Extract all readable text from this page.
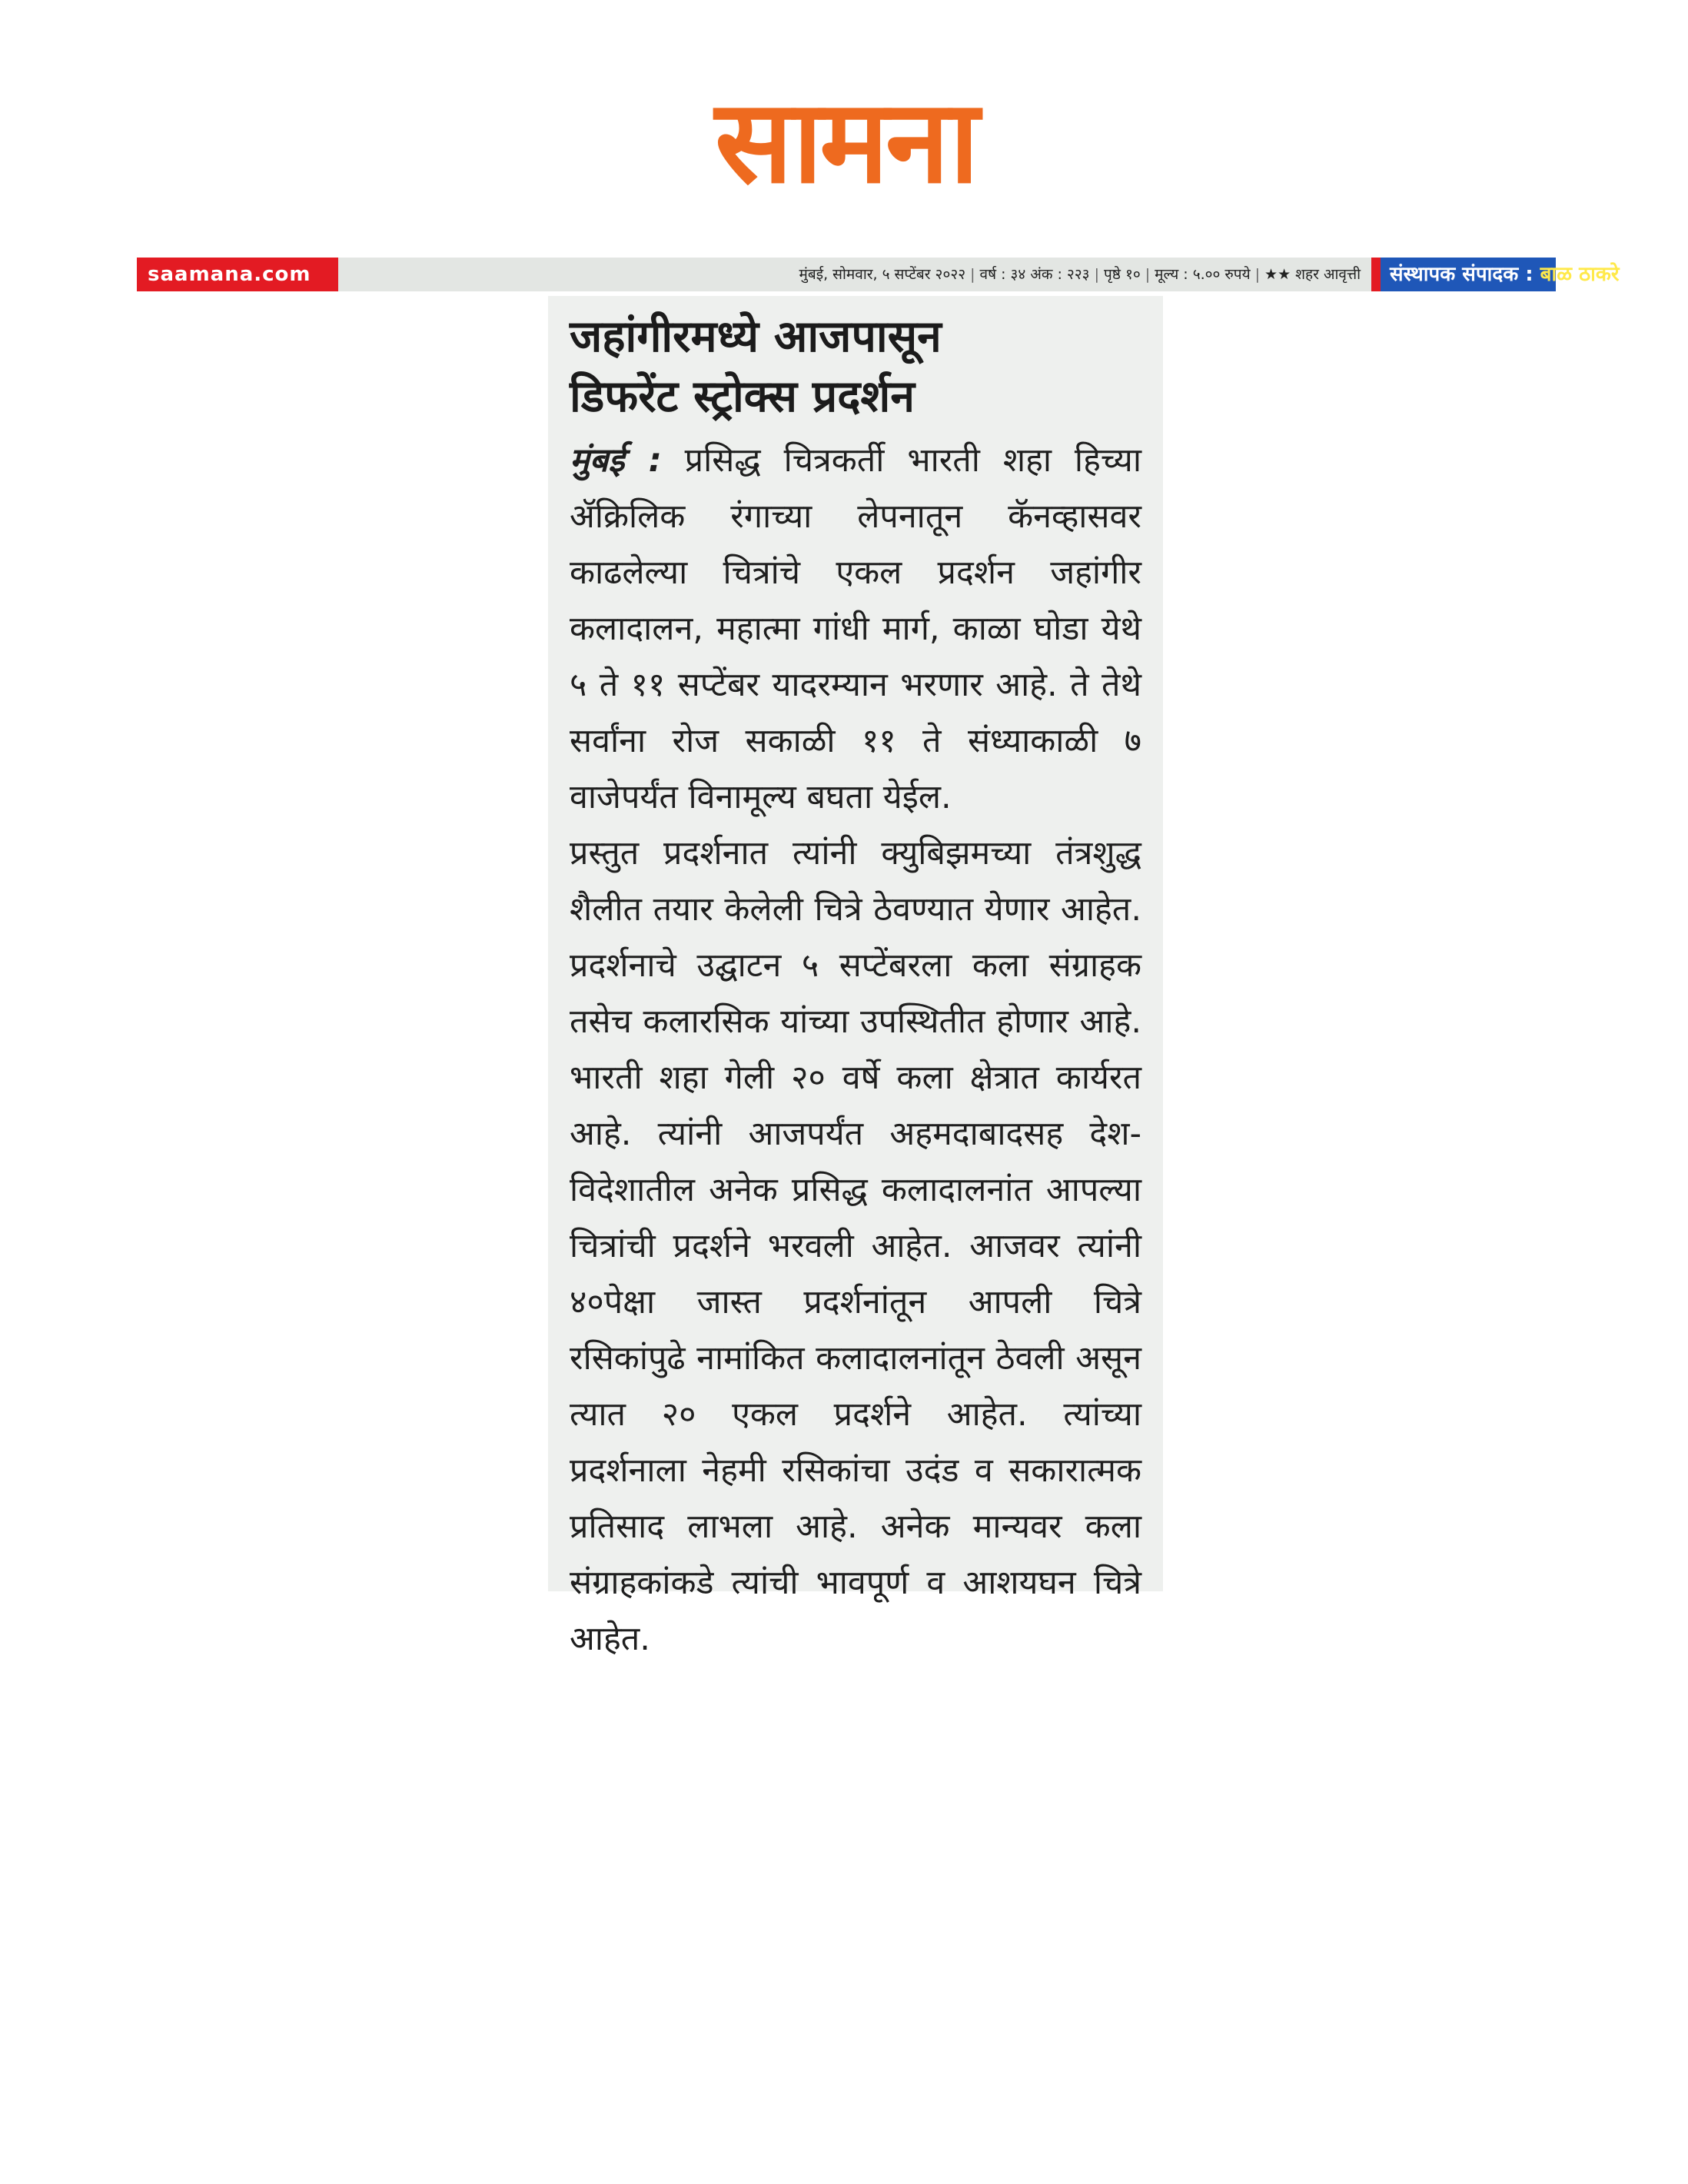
सामना
saamana.com	मुंबई, सोमवार, ५ सप्टेंबर २०२२ | वर्ष : ३४ अंक : २२३ | पृष्ठे १० | मूल्य : ५.०० रुपये | ★★ शहर आवृत्ती	संस्थापक संपादक : बाळ ठाकरे
जहांगीरमध्ये आजपासून
डिफरेंट स्ट्रोक्स प्रदर्शन

मुंबई : प्रसिद्ध चित्रकर्ती भारती शहा हिच्या ॲक्रिलिक रंगाच्या लेपनातून कॅनव्हासवर काढलेल्या चित्रांचे एकल प्रदर्शन जहांगीर कलादालन, महात्मा गांधी मार्ग, काळा घोडा येथे ५ ते ११ सप्टेंबर यादरम्यान भरणार आहे. ते तेथे सर्वांना रोज सकाळी ११ ते संध्याकाळी ७ वाजेपर्यंत विनामूल्य बघता येईल.
प्रस्तुत प्रदर्शनात त्यांनी क्युबिझमच्या तंत्रशुद्ध शैलीत तयार केलेली चित्रे ठेवण्यात येणार आहेत. प्रदर्शनाचे उद्घाटन ५ सप्टेंबरला कला संग्राहक तसेच कलारसिक यांच्या उपस्थितीत होणार आहे. भारती शहा गेली २० वर्षे कला क्षेत्रात कार्यरत आहे. त्यांनी आजपर्यंत अहमदाबादसह देश-विदेशातील अनेक प्रसिद्ध कलादालनांत आपल्या चित्रांची प्रदर्शने भरवली आहेत. आजवर त्यांनी ४०पेक्षा जास्त प्रदर्शनांतून आपली चित्रे रसिकांपुढे नामांकित कलादालनांतून ठेवली असून त्यात २० एकल प्रदर्शने आहेत. त्यांच्या प्रदर्शनाला नेहमी रसिकांचा उदंड व सकारात्मक प्रतिसाद लाभला आहे. अनेक मान्यवर कला संग्राहकांकडे त्यांची भावपूर्ण व आशयघन चित्रे आहेत.
